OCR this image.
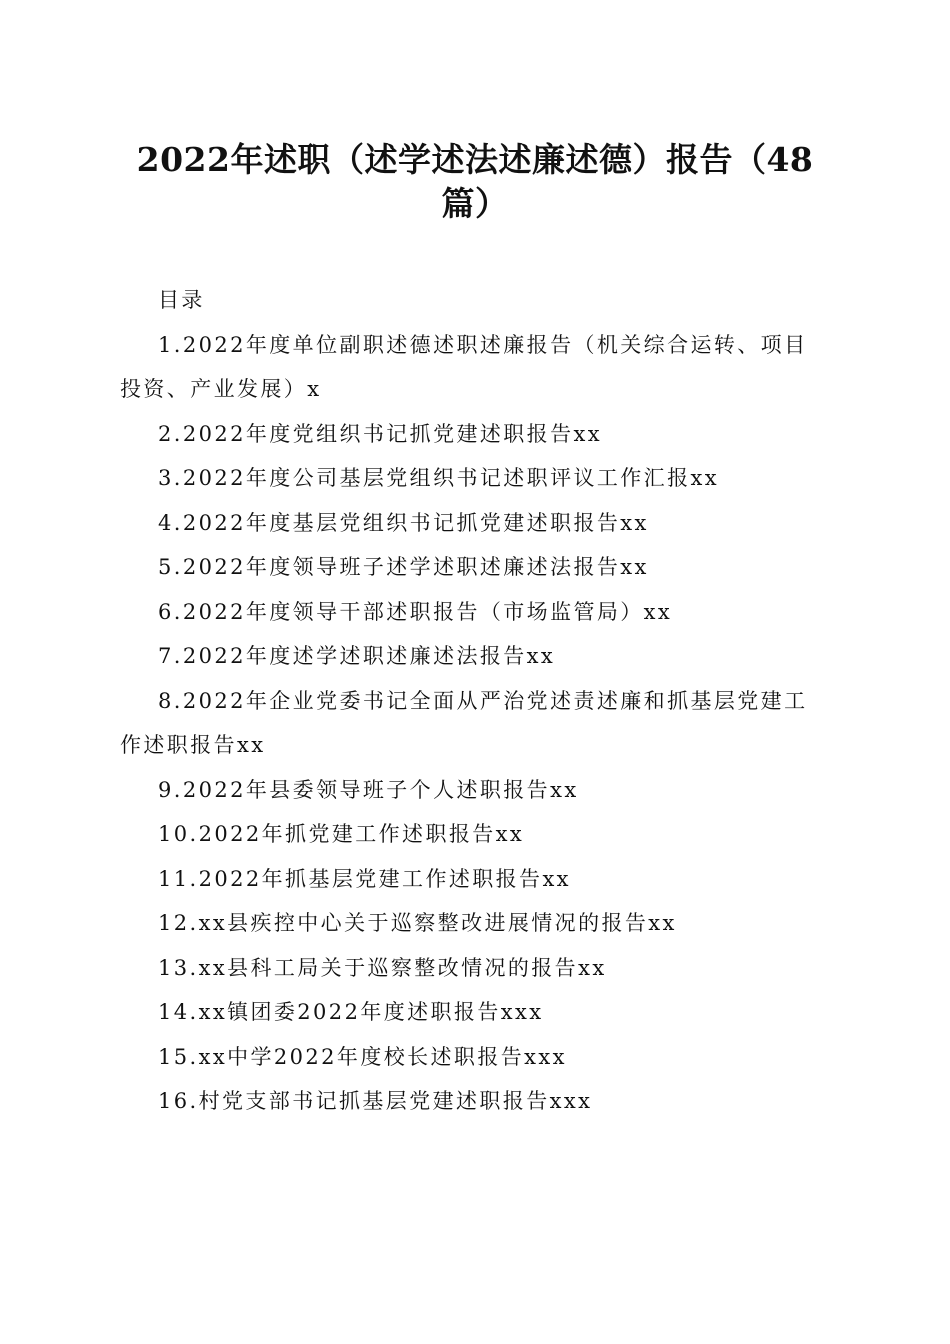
2022年述职（述学述法述廉述德）报告（48篇）
目录

1.2022年度单位副职述德述职述廉报告（机关综合运转、项目投资、产业发展）x

2.2022年度党组织书记抓党建述职报告xx

3.2022年度公司基层党组织书记述职评议工作汇报xx

4.2022年度基层党组织书记抓党建述职报告xx

5.2022年度领导班子述学述职述廉述法报告xx

6.2022年度领导干部述职报告（市场监管局）xx

7.2022年度述学述职述廉述法报告xx

8.2022年企业党委书记全面从严治党述责述廉和抓基层党建工作述职报告xx

9.2022年县委领导班子个人述职报告xx

10.2022年抓党建工作述职报告xx

11.2022年抓基层党建工作述职报告xx

12.xx县疾控中心关于巡察整改进展情况的报告xx

13.xx县科工局关于巡察整改情况的报告xx

14.xx镇团委2022年度述职报告xxx

15.xx中学2022年度校长述职报告xxx

16.村党支部书记抓基层党建述职报告xxx
